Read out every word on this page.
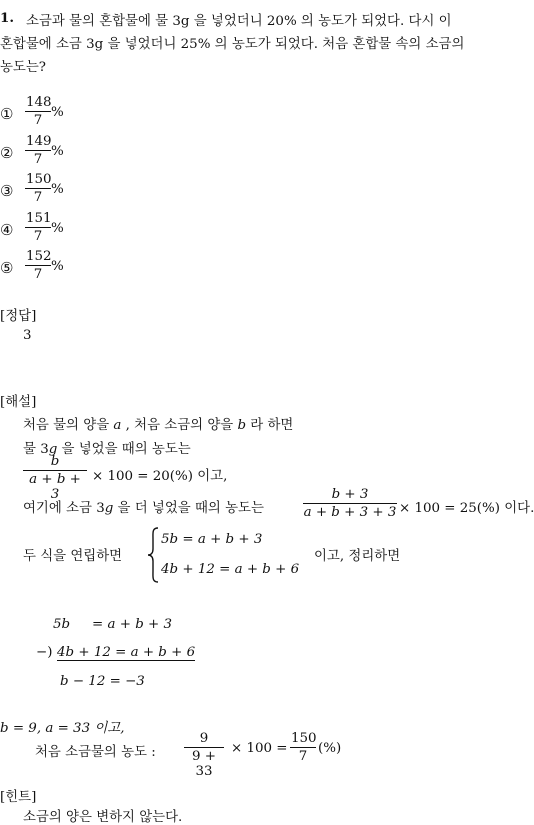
1. 소금과 물의 혼합물에 물 3g 을 넣었더니 20% 의 농도가 되었다. 다시 이
혼합물에 소금 3g 을 넣었더니 25% 의 농도가 되었다. 처음 혼합물 속의 소금의
농도는?
①
148
7
%
②
149
7
%
③
150
7
%
④
151
7
%
⑤
152
7
%
[정답]
3
[해설]
처음 물의 양을 a , 처음 소금의 양을 b 라 하면
물 3g 을 넣었을 때의 농도는
b
a + b + 3
× 100 = 20(%) 이고,
여기에 소금 3g 을 더 넣었을 때의 농도는
b + 3
a + b + 3 + 3 × 100 = 25(%) 이다.
두 식을 연립하면
5b = a + b + 3
4b + 12 = a + b + 6
이고, 정리하면
5b = a + b + 3
−) 4b + 12 = a + b + 6
b − 12 = −3
b = 9, a = 33 이고,
처음 소금물의 농도 :
9
9 + 33
× 100 =
150
7
(%)
[힌트]
소금의 양은 변하지 않는다.
